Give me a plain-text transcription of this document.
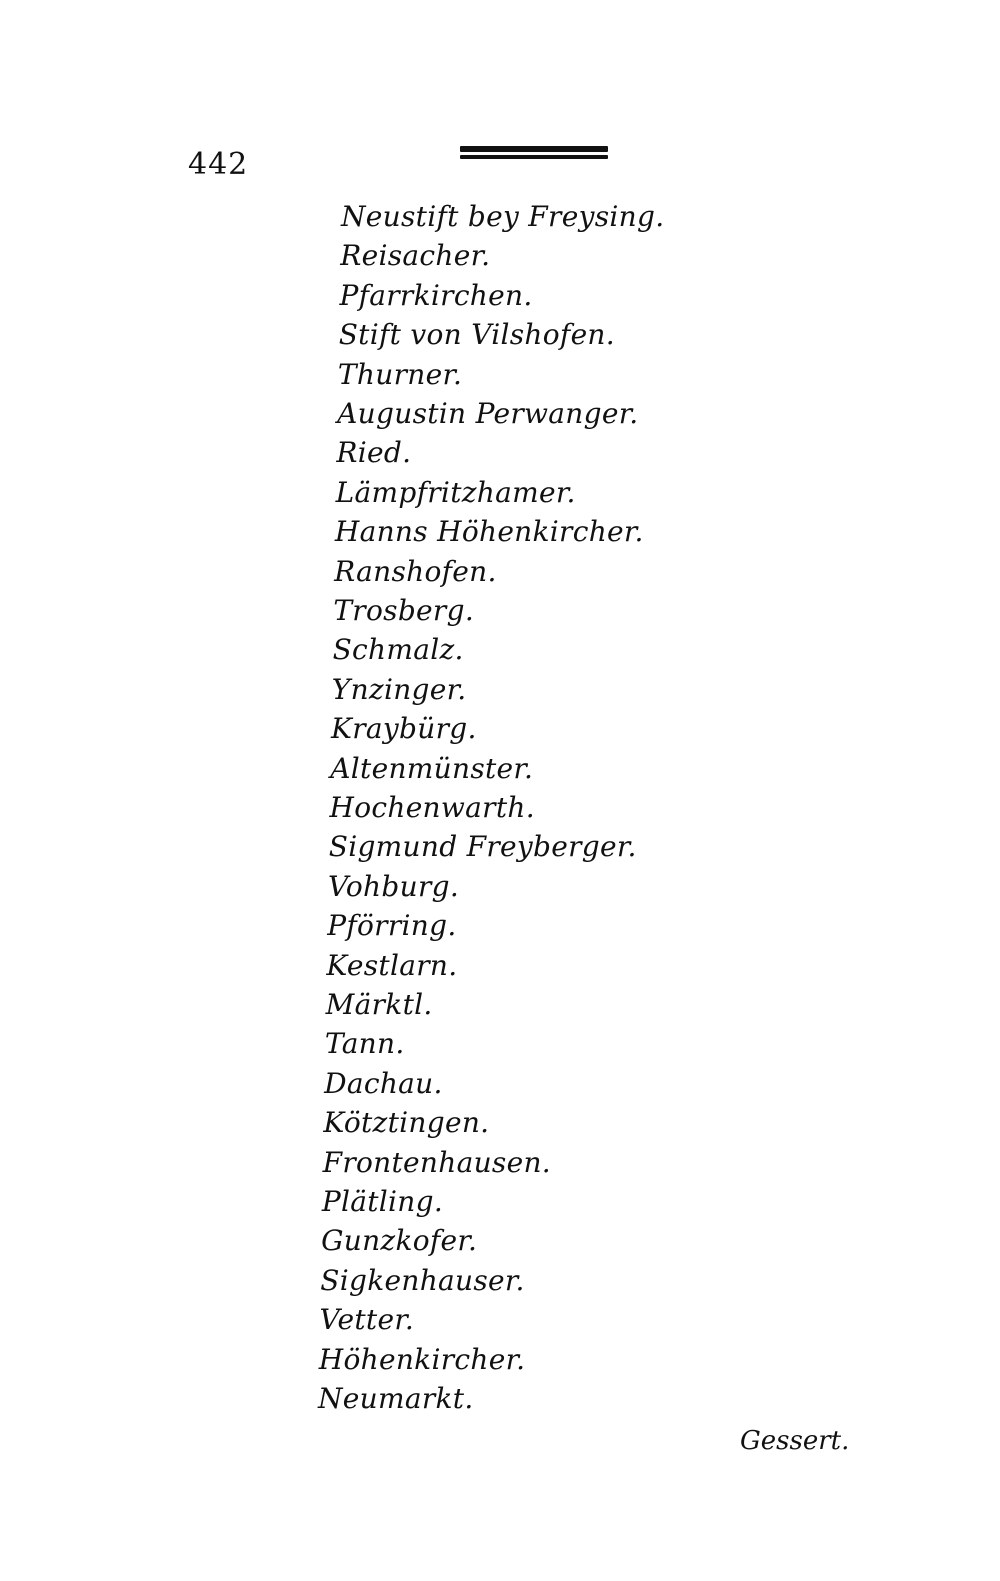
442
Neustift bey Freysing.
Reisacher.
Pfarrkirchen.
Stift von Vilshofen.
Thurner.
Augustin Perwanger.
Ried.
Lämpfritzhamer.
Hanns Höhenkircher.
Ranshofen.
Trosberg.
Schmalz.
Ynzinger.
Kraybürg.
Altenmünster.
Hochenwarth.
Sigmund Freyberger.
Vohburg.
Pförring.
Kestlarn.
Märktl.
Tann.
Dachau.
Kötztingen.
Frontenhausen.
Plätling.
Gunzkofer.
Sigkenhauser.
Vetter.
Höhenkircher.
Neumarkt.
Gessert.
